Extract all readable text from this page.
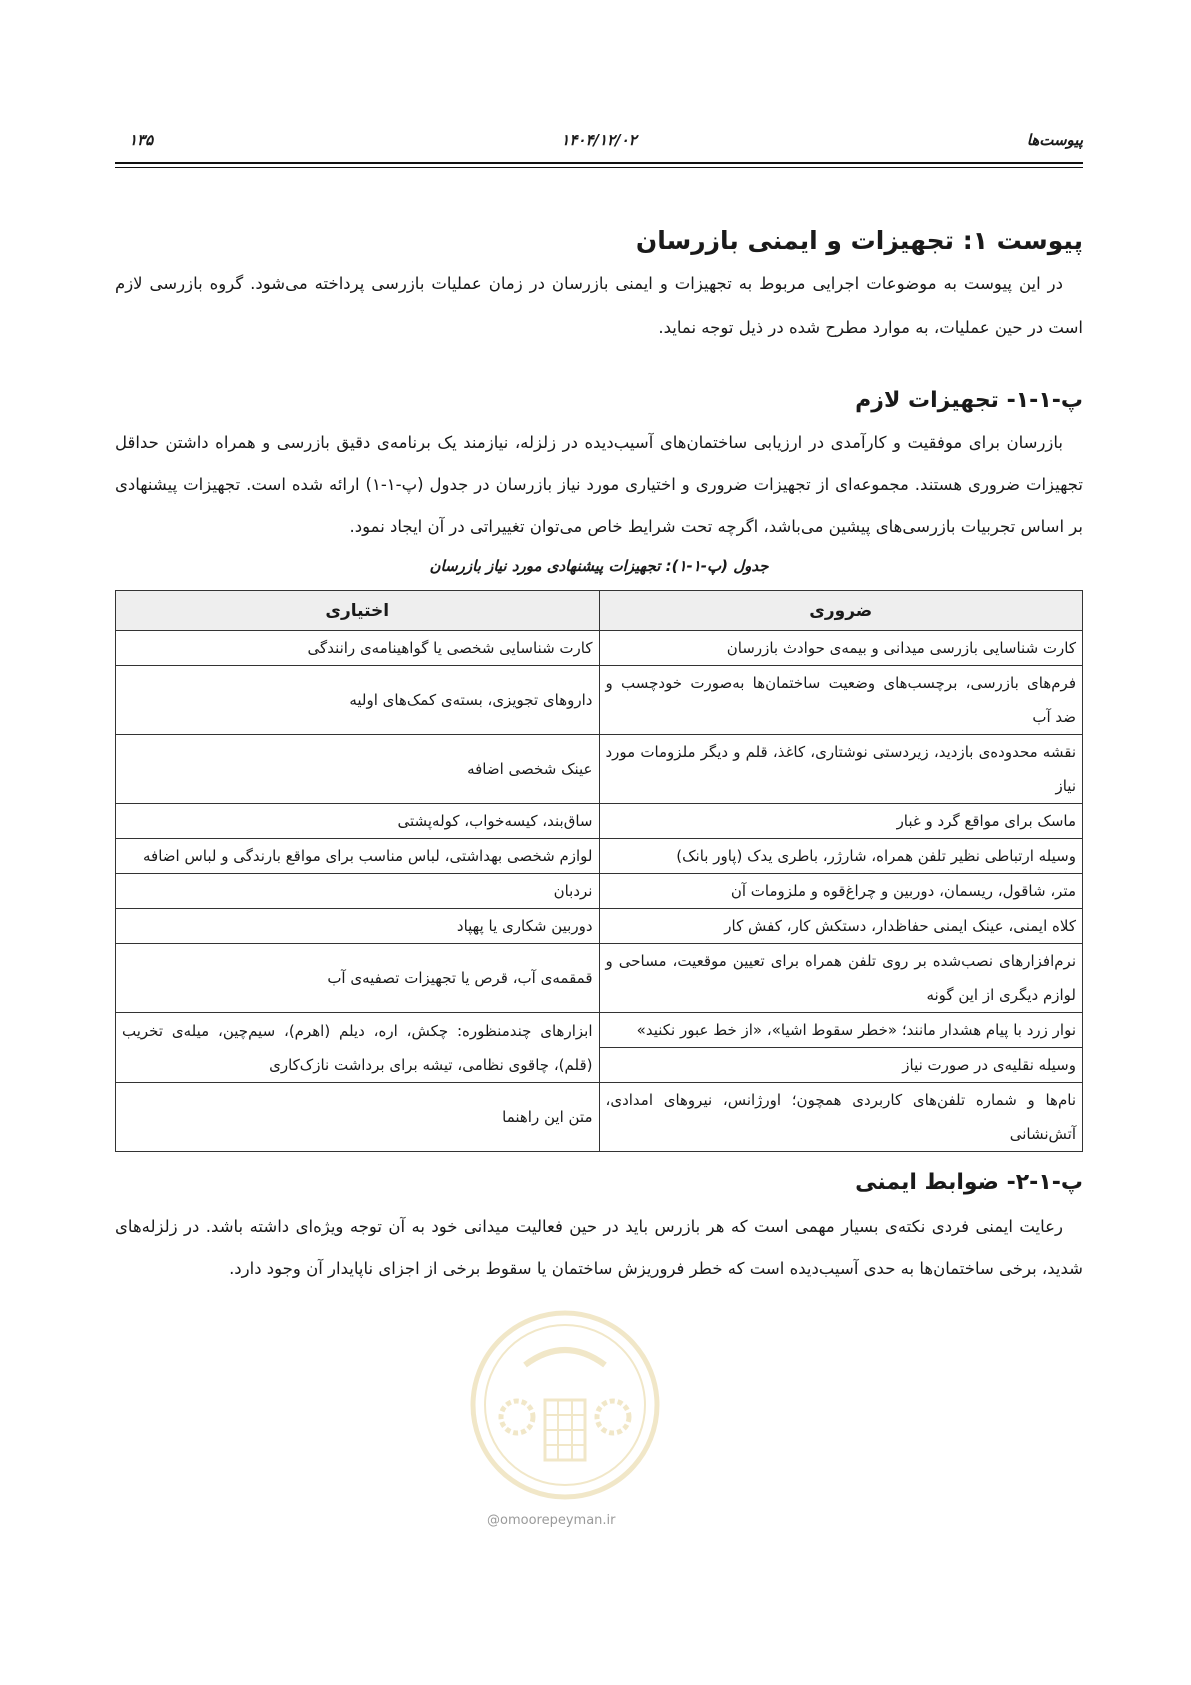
پیوست‌ها
۱۴۰۴/۱۲/۰۲
۱۳۵
پیوست ۱: تجهیزات و ایمنی بازرسان

در این پیوست به موضوعات اجرایی مربوط به تجهیزات و ایمنی بازرسان در زمان عملیات بازرسی پرداخته می‌شود. گروه بازرسی لازم است در حین عملیات، به موارد مطرح شده در ذیل توجه نماید.

پ-۱-۱- تجهیزات لازم

بازرسان برای موفقیت و کارآمدی در ارزیابی ساختمان‌های آسیب‌دیده در زلزله، نیازمند یک برنامه‌ی دقیق بازرسی و همراه داشتن حداقل تجهیزات ضروری هستند. مجموعه‌ای از تجهیزات ضروری و اختیاری مورد نیاز بازرسان در جدول (پ-۱-۱) ارائه شده است. تجهیزات پیشنهادی بر اساس تجربیات بازرسی‌های پیشین می‌باشد، اگرچه تحت شرایط خاص می‌توان تغییراتی در آن ایجاد نمود.

جدول (پ-۱-۱): تجهیزات پیشنهادی مورد نیاز بازرسان
ضروری	اختیاری
کارت شناسایی بازرسی میدانی و بیمه‌ی حوادث بازرسان	کارت شناسایی شخصی یا گواهینامه‌ی رانندگی
فرم‌های بازرسی، برچسب‌های وضعیت ساختمان‌ها به‌صورت خودچسب و ضد آب	داروهای تجویزی، بسته‌ی کمک‌های اولیه
نقشه محدوده‌ی بازدید، زیردستی نوشتاری، کاغذ، قلم و دیگر ملزومات مورد نیاز	عینک شخصی اضافه
ماسک برای مواقع گرد و غبار	ساق‌بند، کیسه‌خواب، کوله‌پشتی
وسیله ارتباطی نظیر تلفن همراه، شارژر، باطری یدک (پاور بانک)	لوازم شخصی بهداشتی، لباس مناسب برای مواقع بارندگی و لباس اضافه
متر، شاقول، ریسمان، دوربین و چراغ‌قوه و ملزومات آن	نردبان
کلاه ایمنی، عینک ایمنی حفاظدار، دستکش کار، کفش کار	دوربین شکاری یا پهپاد
نرم‌افزارهای نصب‌شده بر روی تلفن همراه برای تعیین موقعیت، مساحی و لوازم دیگری از این گونه	قمقمه‌ی آب، قرص یا تجهیزات تصفیه‌ی آب
نوار زرد با پیام هشدار مانند؛ «خطر سقوط اشیا»، «از خط عبور نکنید»	ابزارهای چندمنظوره: چکش، اره، دیلم (اهرم)، سیم‌چین، میله‌ی تخریب (قلم)، چاقوی نظامی، تیشه برای برداشت نازک‌کاری
وسیله نقلیه‌ی در صورت نیاز	
نام‌ها و شماره تلفن‌های کاربردی همچون؛ اورژانس، نیروهای امدادی، آتش‌نشانی	متن این راهنما
پ-۱-۲- ضوابط ایمنی

رعایت ایمنی فردی نکته‌ی بسیار مهمی است که هر بازرس باید در حین فعالیت میدانی خود به آن توجه ویژه‌ای داشته باشد. در زلزله‌های شدید، برخی ساختمان‌ها به حدی آسیب‌دیده است که خطر فروریزش ساختمان یا سقوط برخی از اجزای ناپایدار آن وجود دارد.

@omoorepeyman.ir
